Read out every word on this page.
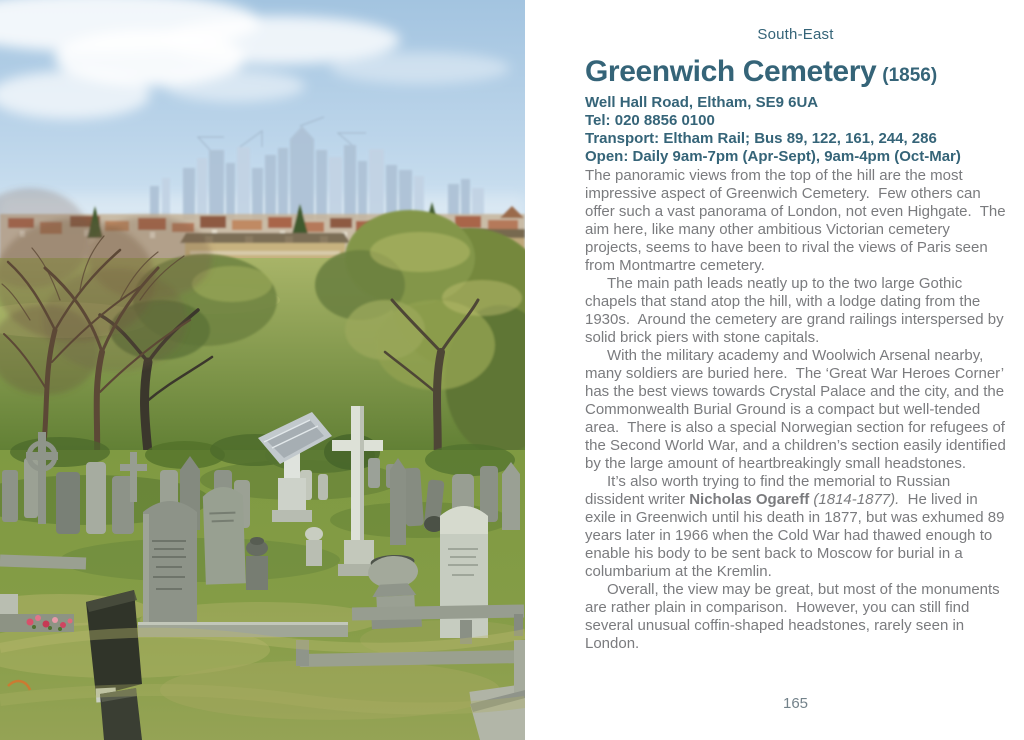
South-East
Greenwich Cemetery (1856)
Well Hall Road, Eltham, SE9 6UA
Tel: 020 8856 0100
Transport: Eltham Rail; Bus 89, 122, 161, 244, 286
Open: Daily 9am-7pm (Apr-Sept), 9am-4pm (Oct-Mar)

The panoramic views from the top of the hill are the most impressive aspect of Greenwich Cemetery.  Few others can offer such a vast panorama of London, not even Highgate.  The aim here, like many other ambitious Victorian cemetery projects, seems to have been to rival the views of Paris seen from Montmartre cemetery.

The main path leads neatly up to the two large Gothic chapels that stand atop the hill, with a lodge dating from the 1930s.  Around the cemetery are grand railings interspersed by solid brick piers with stone capitals.

With the military academy and Woolwich Arsenal nearby, many soldiers are buried here.  The ‘Great War Heroes Corner’ has the best views towards Crystal Palace and the city, and the Commonwealth Burial Ground is a compact but well-tended area.  There is also a special Norwegian section for refugees of the Second World War, and a children’s section easily identified by the large amount of heartbreakingly small headstones.

It’s also worth trying to find the memorial to Russian dissident writer Nicholas Ogareff (1814-1877).  He lived in exile in Greenwich until his death in 1877, but was exhumed 89 years later in 1966 when the Cold War had thawed enough to enable his body to be sent back to Moscow for burial in a columbarium at the Kremlin.

Overall, the view may be great, but most of the monuments are rather plain in comparison.  However, you can still find several unusual coffin-shaped headstones, rarely seen in London.

165
